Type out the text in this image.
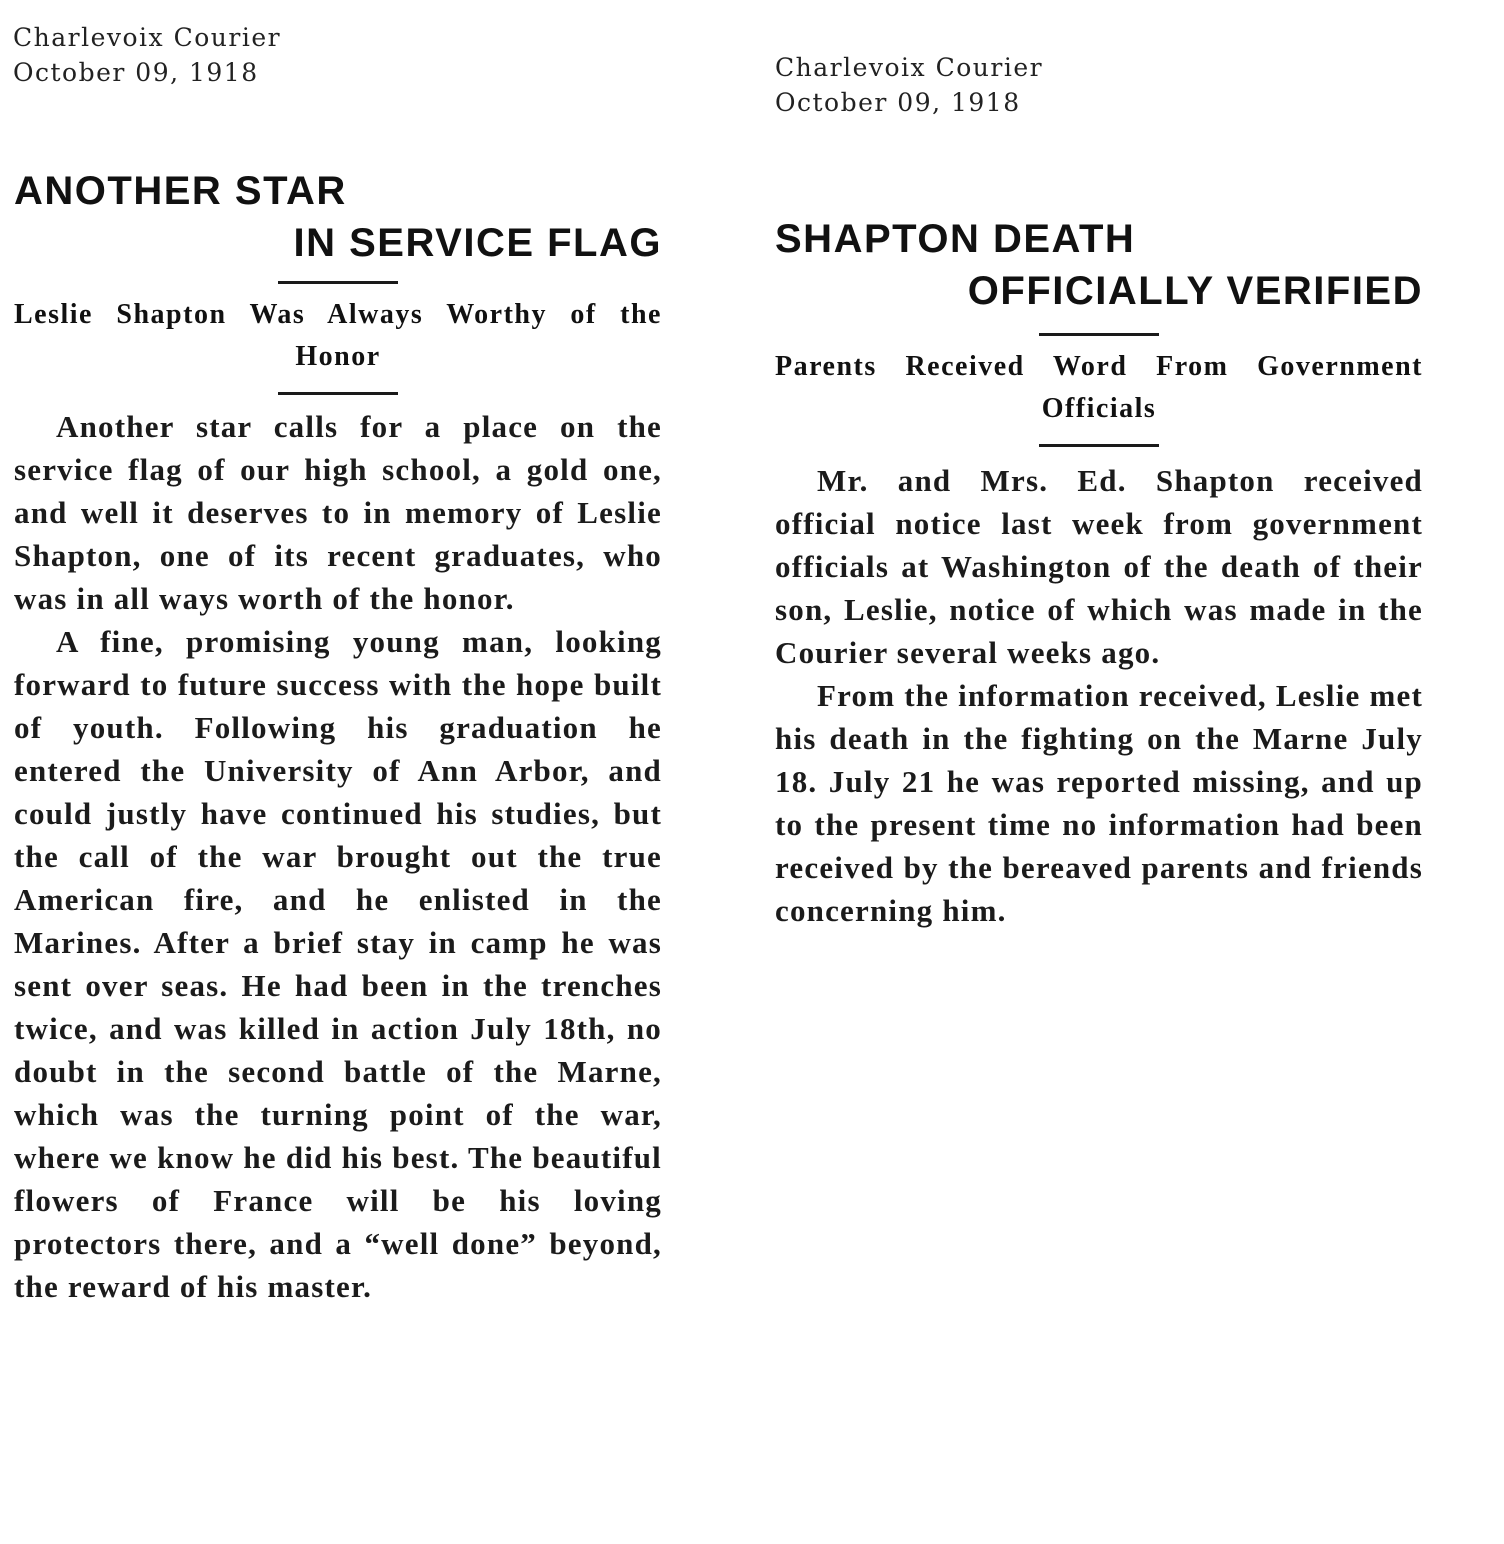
Charlevoix Courier
October 09, 1918	Charlevoix Courier
October 09, 1918
ANOTHER STAR
IN SERVICE FLAG

Leslie Shapton Was Always Worthy of the Honor

Another star calls for a place on the service flag of our high school, a gold one, and well it deserves to in memory of Leslie Shapton, one of its recent graduates, who was in all ways worth of the honor.

A fine, promising young man, looking forward to future success with the hope built of youth. Following his graduation he entered the University of Ann Arbor, and could justly have continued his studies, but the call of the war brought out the true American fire, and he enlisted in the Marines. After a brief stay in camp he was sent over seas. He had been in the trenches twice, and was killed in action July 18th, no doubt in the second battle of the Marne, which was the turning point of the war, where we know he did his best. The beautiful flowers of France will be his loving protectors there, and a “well done” beyond, the reward of his master.

SHAPTON DEATH
OFFICIALLY VERIFIED

Parents Received Word From Government Officials

Mr. and Mrs. Ed. Shapton received official notice last week from government officials at Washington of the death of their son, Leslie, notice of which was made in the Courier several weeks ago.

From the information received, Leslie met his death in the fighting on the Marne July 18. July 21 he was reported missing, and up to the present time no information had been received by the bereaved parents and friends concerning him.
